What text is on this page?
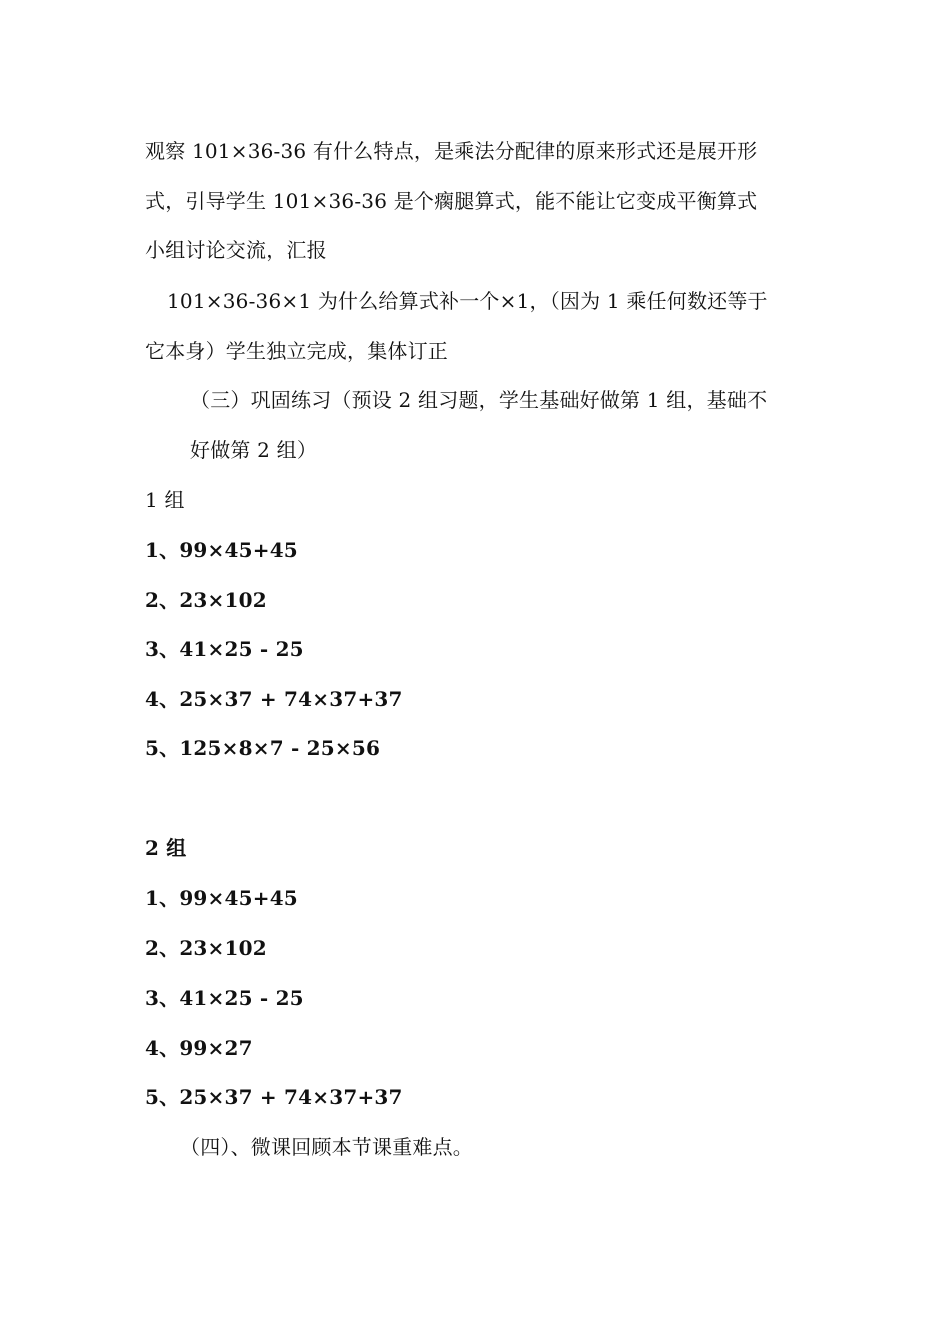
观察 101×36-36 有什么特点，是乘法分配律的原来形式还是展开形
式，引导学生 101×36-36 是个瘸腿算式，能不能让它变成平衡算式
小组讨论交流，汇报
101×36-36×1 为什么给算式补一个×1，（因为 1 乘任何数还等于
它本身）学生独立完成，集体订正
（三）巩固练习（预设 2 组习题，学生基础好做第 1 组，基础不
好做第 2 组）
1 组
1、99×45+45
2、23×102
3、41×25 - 25
4、25×37 + 74×37+37
5、125×8×7 - 25×56
2 组
1、99×45+45
2、23×102
3、41×25 - 25
4、99×27
5、25×37 + 74×37+37
（四）、微课回顾本节课重难点。
